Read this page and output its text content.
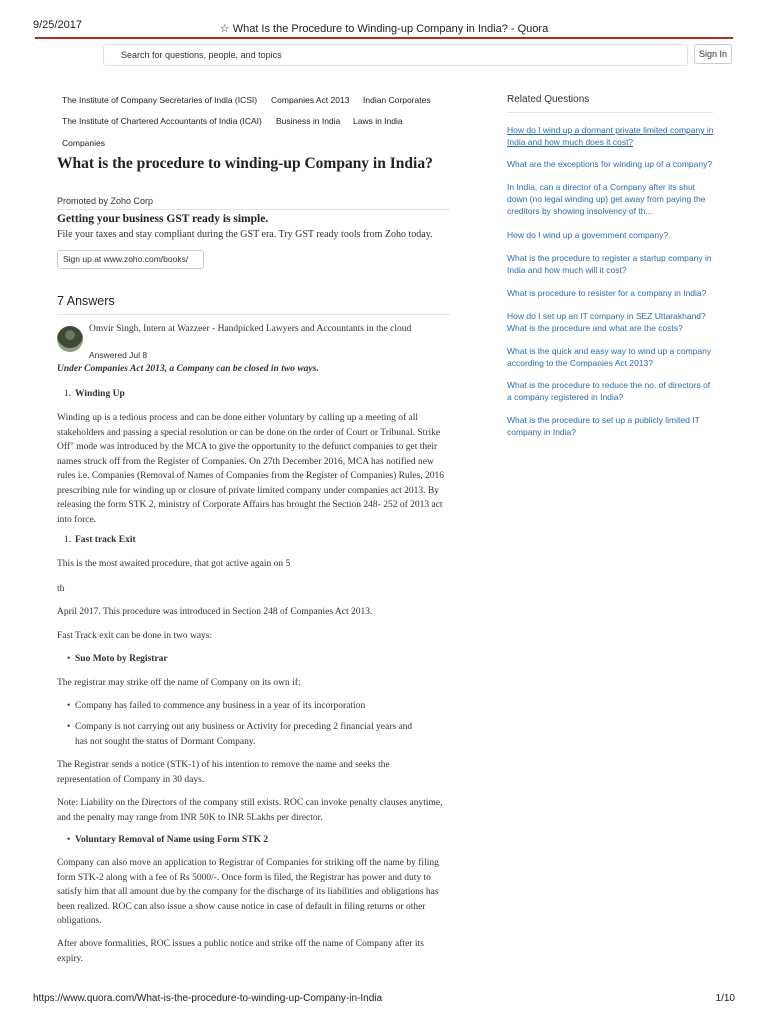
9/25/2017	☆ What Is the Procedure to Winding-up Company in India? - Quora
Search for questions, people, and topics	Sign In
The Institute of Company Secretaries of India (ICSI) Companies Act 2013 Indian Corporates
The Institute of Chartered Accountants of India (ICAI) Business in India Laws in India
Companies
What is the procedure to winding-up Company in India?
Promoted by Zoho Corp
Getting your business GST ready is simple.
File your taxes and stay compliant during the GST era. Try GST ready tools from Zoho today.
Sign up at www.zoho.com/books/
7 Answers
Omvir Singh, Intern at Wazzeer - Handpicked Lawyers and Accountants in the cloud
Answered Jul 8
Under Companies Act 2013, a Company can be closed in two ways.
1. Winding Up
Winding up is a tedious process and can be done either voluntary by calling up a meeting of all stakeholders and passing a special resolution or can be done on the order of Court or Tribunal. Strike Off" mode was introduced by the MCA to give the opportunity to the defunct companies to get their names struck off from the Register of Companies. On 27th December 2016, MCA has notified new rules i.e. Companies (Removal of Names of Companies from the Register of Companies) Rules, 2016 prescribing rule for winding up or closure of private limited company under companies act 2013. By releasing the form STK 2, ministry of Corporate Affairs has brought the Section 248- 252 of 2013 act into force.
1. Fast track Exit
This is the most awaited procedure, that got active again on 5
th
April 2017. This procedure was introduced in Section 248 of Companies Act 2013.
Fast Track exit can be done in two ways:
• Suo Moto by Registrar
The registrar may strike off the name of Company on its own if:
• Company has failed to commence any business in a year of its incorporation
• Company is not carrying out any business or Activity for preceding 2 financial years and has not sought the status of Dormant Company.
The Registrar sends a notice (STK-1) of his intention to remove the name and seeks the representation of Company in 30 days.
Note: Liability on the Directors of the company still exists. ROC can invoke penalty clauses anytime, and the penalty may range from INR 50K to INR 5Lakhs per director.
• Voluntary Removal of Name using Form STK 2
Company can also move an application to Registrar of Companies for striking off the name by filing form STK-2 along with a fee of Rs 5000/-. Once form is filed, the Registrar has power and duty to satisfy him that all amount due by the company for the discharge of its liabilities and obligations has been realized. ROC can also issue a show cause notice in case of default in filing returns or other obligations.
After above formalities, ROC issues a public notice and strike off the name of Company after its expiry.
Related Questions
How do I wind up a dormant private limited company in India and how much does it cost?
What are the exceptions for winding up of a company?
In India, can a director of a Company after its shut down (no legal winding up) get away from paying the creditors by showing insolvency of th...
How do I wind up a government company?
What is the procedure to register a startup company in India and how much will it cost?
What is procedure to resister for a company in India?
How do I set up an IT company in SEZ Uttarakhand? What is the procedure and what are the costs?
What is the quick and easy way to wind up a company according to the Companies Act 2013?
What is the procedure to reduce the no. of directors of a company registered in India?
What is the procedure to set up a publicly limited IT company in India?
https://www.quora.com/What-is-the-procedure-to-winding-up-Company-in-India	1/10
